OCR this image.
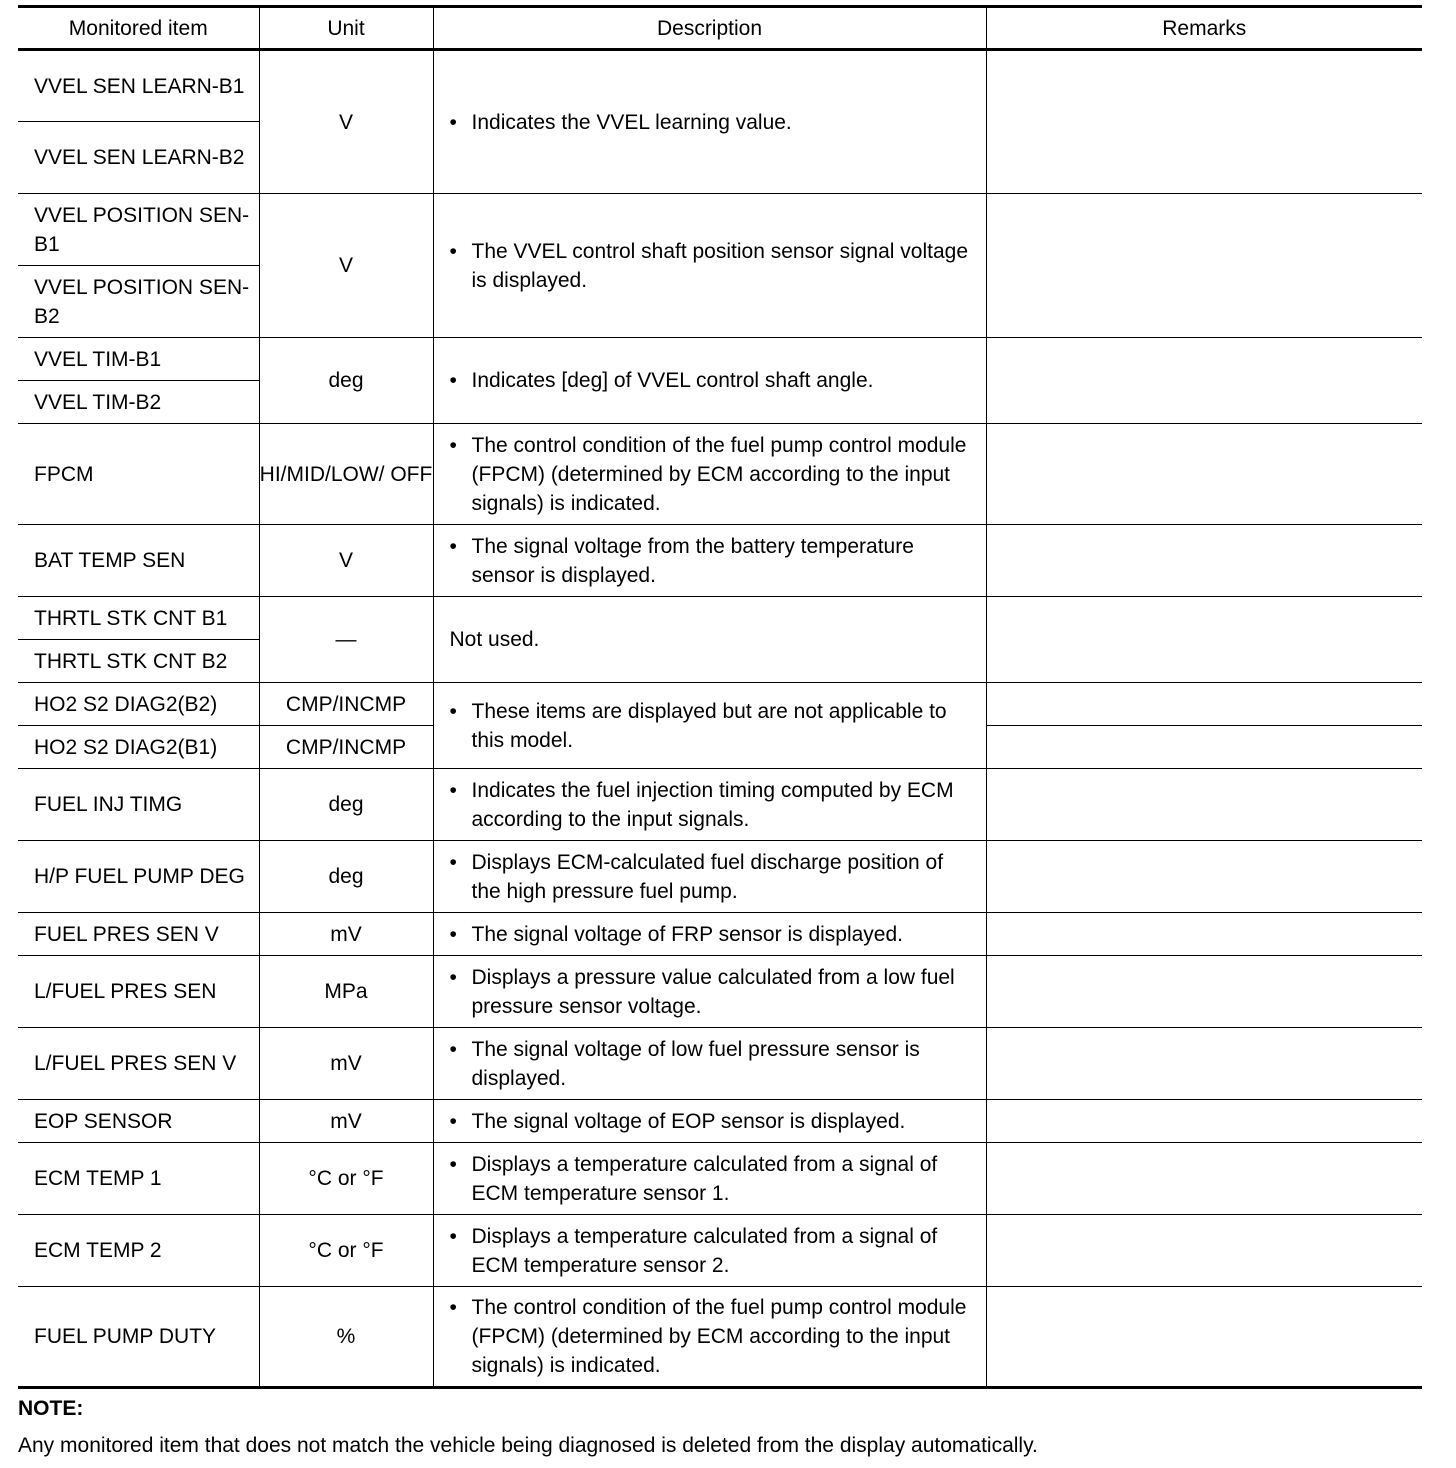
Monitored item	Unit	Description	Remarks
VVEL SEN LEARN-B1	V	• Indicates the VVEL learning value.	

VVEL SEN LEARN-B2			
VVEL POSITION SEN-B1	V	• The VVEL control shaft position sensor signal voltage is displayed.	

VVEL POSITION SEN-B2			
VVEL TIM-B1	deg	• Indicates [deg] of VVEL control shaft angle.	

VVEL TIM-B2			
FPCM	HI/MID/LOW/ OFF	• The control condition of the fuel pump control module (FPCM) (determined by ECM according to the input signals) is indicated.	

BAT TEMP SEN	V	• The signal voltage from the battery temperature sensor is displayed.	

THRTL STK CNT B1	—	Not used.	
THRTL STK CNT B2			
HO2 S2 DIAG2(B2)	CMP/INCMP	• These items are displayed but are not applicable to this model.	

HO2 S2 DIAG2(B1)	CMP/INCMP		
FUEL INJ TIMG	deg	• Indicates the fuel injection timing computed by ECM according to the input signals.	

H/P FUEL PUMP DEG	deg	• Displays ECM-calculated fuel discharge position of the high pressure fuel pump.	

FUEL PRES SEN V	mV	• The signal voltage of FRP sensor is displayed.	

L/FUEL PRES SEN	MPa	• Displays a pressure value calculated from a low fuel pressure sensor voltage.	

L/FUEL PRES SEN V	mV	• The signal voltage of low fuel pressure sensor is displayed.	

EOP SENSOR	mV	• The signal voltage of EOP sensor is displayed.	

ECM TEMP 1	°C or °F	• Displays a temperature calculated from a signal of ECM temperature sensor 1.	

ECM TEMP 2	°C or °F	• Displays a temperature calculated from a signal of ECM temperature sensor 2.	

FUEL PUMP DUTY	%	• The control condition of the fuel pump control module (FPCM) (determined by ECM according to the input signals) is indicated.	

NOTE:
Any monitored item that does not match the vehicle being diagnosed is deleted from the display automatically.
